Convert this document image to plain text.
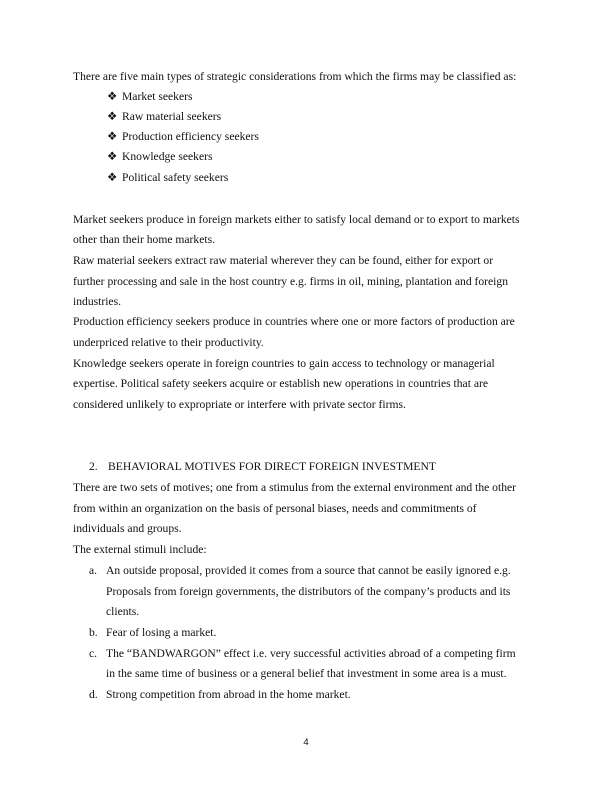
There are five main types of strategic considerations from which the firms may be classified as:
❖ Market seekers
❖ Raw material seekers
❖ Production efficiency seekers
❖ Knowledge seekers
❖ Political safety seekers
Market seekers produce in foreign markets either to satisfy local demand or to export to markets
other than their home markets.
Raw material seekers extract raw material wherever they can be found, either for export or
further processing and sale in the host country e.g. firms in oil, mining, plantation and foreign
industries.
Production efficiency seekers produce in countries where one or more factors of production are
underpriced relative to their productivity.
Knowledge seekers operate in foreign countries to gain access to technology or managerial
expertise. Political safety seekers acquire or establish new operations in countries that are
considered unlikely to expropriate or interfere with private sector firms.
2. BEHAVIORAL MOTIVES FOR DIRECT FOREIGN INVESTMENT
There are two sets of motives; one from a stimulus from the external environment and the other
from within an organization on the basis of personal biases, needs and commitments of
individuals and groups.
The external stimuli include:
a. An outside proposal, provided it comes from a source that cannot be easily ignored e.g.
Proposals from foreign governments, the distributors of the company’s products and its
clients.
b. Fear of losing a market.
c. The “BANDWARGON” effect i.e. very successful activities abroad of a competing firm
in the same time of business or a general belief that investment in some area is a must.
d. Strong competition from abroad in the home market.
4
